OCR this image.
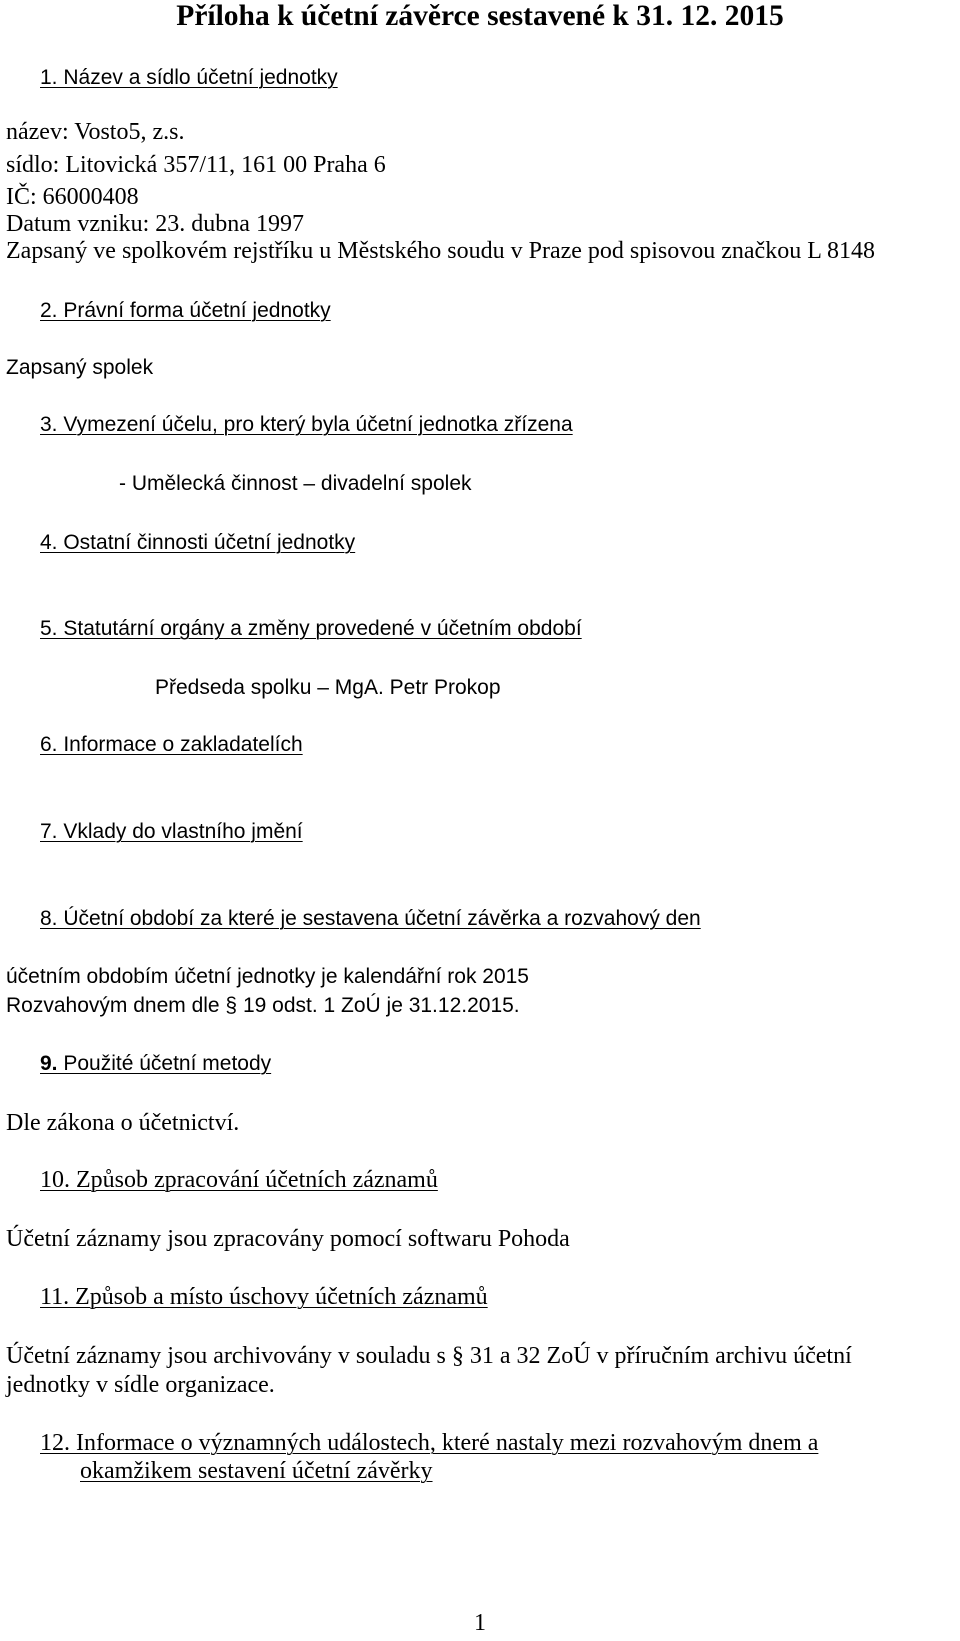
Příloha k účetní závěrce sestavené k 31. 12. 2015
1. Název a sídlo účetní jednotky
název: Vosto5, z.s.
sídlo: Litovická 357/11, 161 00 Praha 6
IČ: 66000408
Datum vzniku: 23. dubna 1997
Zapsaný ve spolkovém rejstříku u Městského soudu v Praze pod spisovou značkou L 8148
2. Právní forma účetní jednotky
Zapsaný spolek
3. Vymezení účelu, pro který byla účetní jednotka zřízena
- Umělecká činnost – divadelní spolek
4. Ostatní činnosti účetní jednotky
5. Statutární orgány a změny provedené v účetním období
Předseda spolku – MgA. Petr Prokop
6. Informace o zakladatelích
7. Vklady do vlastního jmění
8. Účetní období za které je sestavena účetní závěrka a rozvahový den
účetním obdobím účetní jednotky je kalendářní rok 2015
Rozvahovým dnem dle § 19 odst. 1 ZoÚ je 31.12.2015.
9. Použité účetní metody
Dle zákona o účetnictví.
10. Způsob zpracování účetních záznamů
Účetní záznamy jsou zpracovány pomocí softwaru Pohoda
11. Způsob a místo úschovy účetních záznamů
Účetní záznamy jsou archivovány v souladu s § 31 a 32 ZoÚ v příručním archivu účetní
jednotky v sídle organizace.
12. Informace o významných událostech, které nastaly mezi rozvahovým dnem a
okamžikem sestavení účetní závěrky
1
